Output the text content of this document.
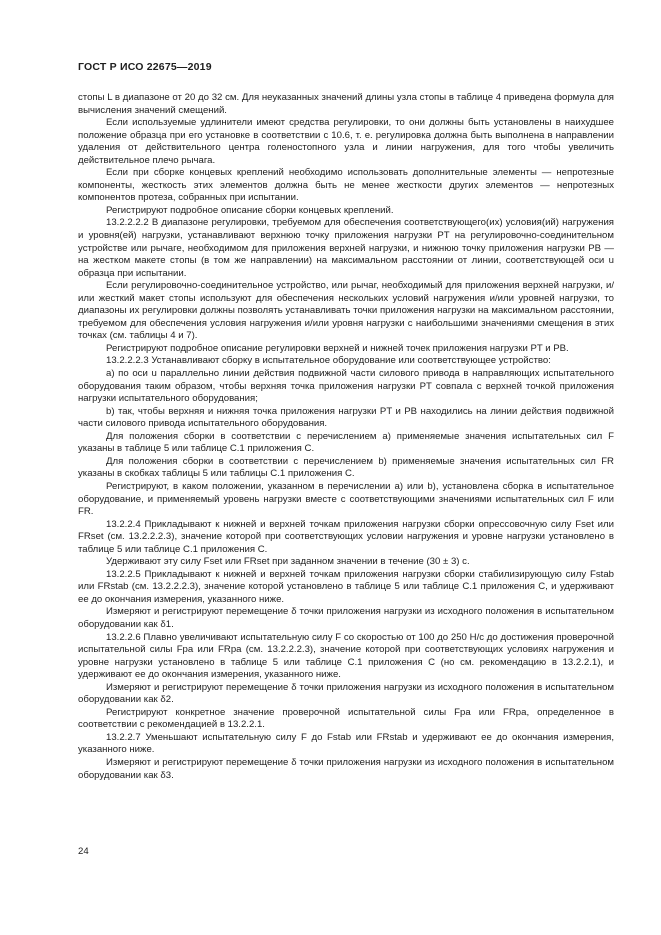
ГОСТ Р ИСО 22675—2019

стопы L в диапазоне от 20 до 32 см. Для неуказанных значений длины узла стопы в таблице 4 приведена формула для вычисления значений смещений.

Если используемые удлинители имеют средства регулировки, то они должны быть установлены в наихудшее положение образца при его установке в соответствии с 10.6, т. е. регулировка должна быть выполнена в направлении удаления от действительного центра голеностопного узла и линии нагружения, для того чтобы увеличить действительное плечо рычага.

Если при сборке концевых креплений необходимо использовать дополнительные элементы — непротезные компоненты, жесткость этих элементов должна быть не менее жесткости других элементов — непротезных компонентов протеза, собранных при испытании.

Регистрируют подробное описание сборки концевых креплений.

13.2.2.2.2 В диапазоне регулировки, требуемом для обеспечения соответствующего(их) условия(ий) нагружения и уровня(ей) нагрузки, устанавливают верхнюю точку приложения нагрузки PT на регулировочно-соединительном устройстве или рычаге, необходимом для приложения верхней нагрузки, и нижнюю точку приложения нагрузки PB — на жестком макете стопы (в том же направлении) на максимальном расстоянии от линии, соответствующей оси u образца при испытании.

Если регулировочно-соединительное устройство, или рычаг, необходимый для приложения верхней нагрузки, и/или жесткий макет стопы используют для обеспечения нескольких условий нагружения и/или уровней нагрузки, то диапазоны их регулировки должны позволять устанавливать точки приложения нагрузки на максимальном расстоянии, требуемом для обеспечения условия нагружения и/или уровня нагрузки с наибольшими значениями смещения в этих точках (см. таблицы 4 и 7).

Регистрируют подробное описание регулировки верхней и нижней точек приложения нагрузки PT и PB.

13.2.2.2.3 Устанавливают сборку в испытательное оборудование или соответствующее устройство:

а) по оси u параллельно линии действия подвижной части силового привода в направляющих испытательного оборудования таким образом, чтобы верхняя точка приложения нагрузки PT совпала с верхней точкой приложения нагрузки испытательного оборудования;

b) так, чтобы верхняя и нижняя точка приложения нагрузки PT и PB находились на линии действия подвижной части силового привода испытательного оборудования.

Для положения сборки в соответствии с перечислением а) применяемые значения испытательных сил F указаны в таблице 5 или таблице C.1 приложения C.

Для положения сборки в соответствии с перечислением b) применяемые значения испытательных сил FR указаны в скобках таблицы 5 или таблицы C.1 приложения C.

Регистрируют, в каком положении, указанном в перечислении а) или b), установлена сборка в испытательное оборудование, и применяемый уровень нагрузки вместе с соответствующими значениями испытательных сил F или FR.

13.2.2.4 Прикладывают к нижней и верхней точкам приложения нагрузки сборки опрессовочную силу Fset или FRset (см. 13.2.2.2.3), значение которой при соответствующих условии нагружения и уровне нагрузки установлено в таблице 5 или таблице C.1 приложения C.

Удерживают эту силу Fset или FRset при заданном значении в течение (30 ± 3) с.

13.2.2.5 Прикладывают к нижней и верхней точкам приложения нагрузки сборки стабилизирующую силу Fstab или FRstab (см. 13.2.2.2.3), значение которой установлено в таблице 5 или таблице C.1 приложения C, и удерживают ее до окончания измерения, указанного ниже.

Измеряют и регистрируют перемещение δ точки приложения нагрузки из исходного положения в испытательном оборудовании как δ1.

13.2.2.6 Плавно увеличивают испытательную силу F со скоростью от 100 до 250 Н/с до достижения проверочной испытательной силы Fpa или FRpa (см. 13.2.2.2.3), значение которой при соответствующих условиях нагружения и уровне нагрузки установлено в таблице 5 или таблице C.1 приложения C (но см. рекомендацию в 13.2.2.1), и удерживают ее до окончания измерения, указанного ниже.

Измеряют и регистрируют перемещение δ точки приложения нагрузки из исходного положения в испытательном оборудовании как δ2.

Регистрируют конкретное значение проверочной испытательной силы Fpa или FRpa, определенное в соответствии с рекомендацией в 13.2.2.1.

13.2.2.7 Уменьшают испытательную силу F до Fstab или FRstab и удерживают ее до окончания измерения, указанного ниже.

Измеряют и регистрируют перемещение δ точки приложения нагрузки из исходного положения в испытательном оборудовании как δ3.

24
